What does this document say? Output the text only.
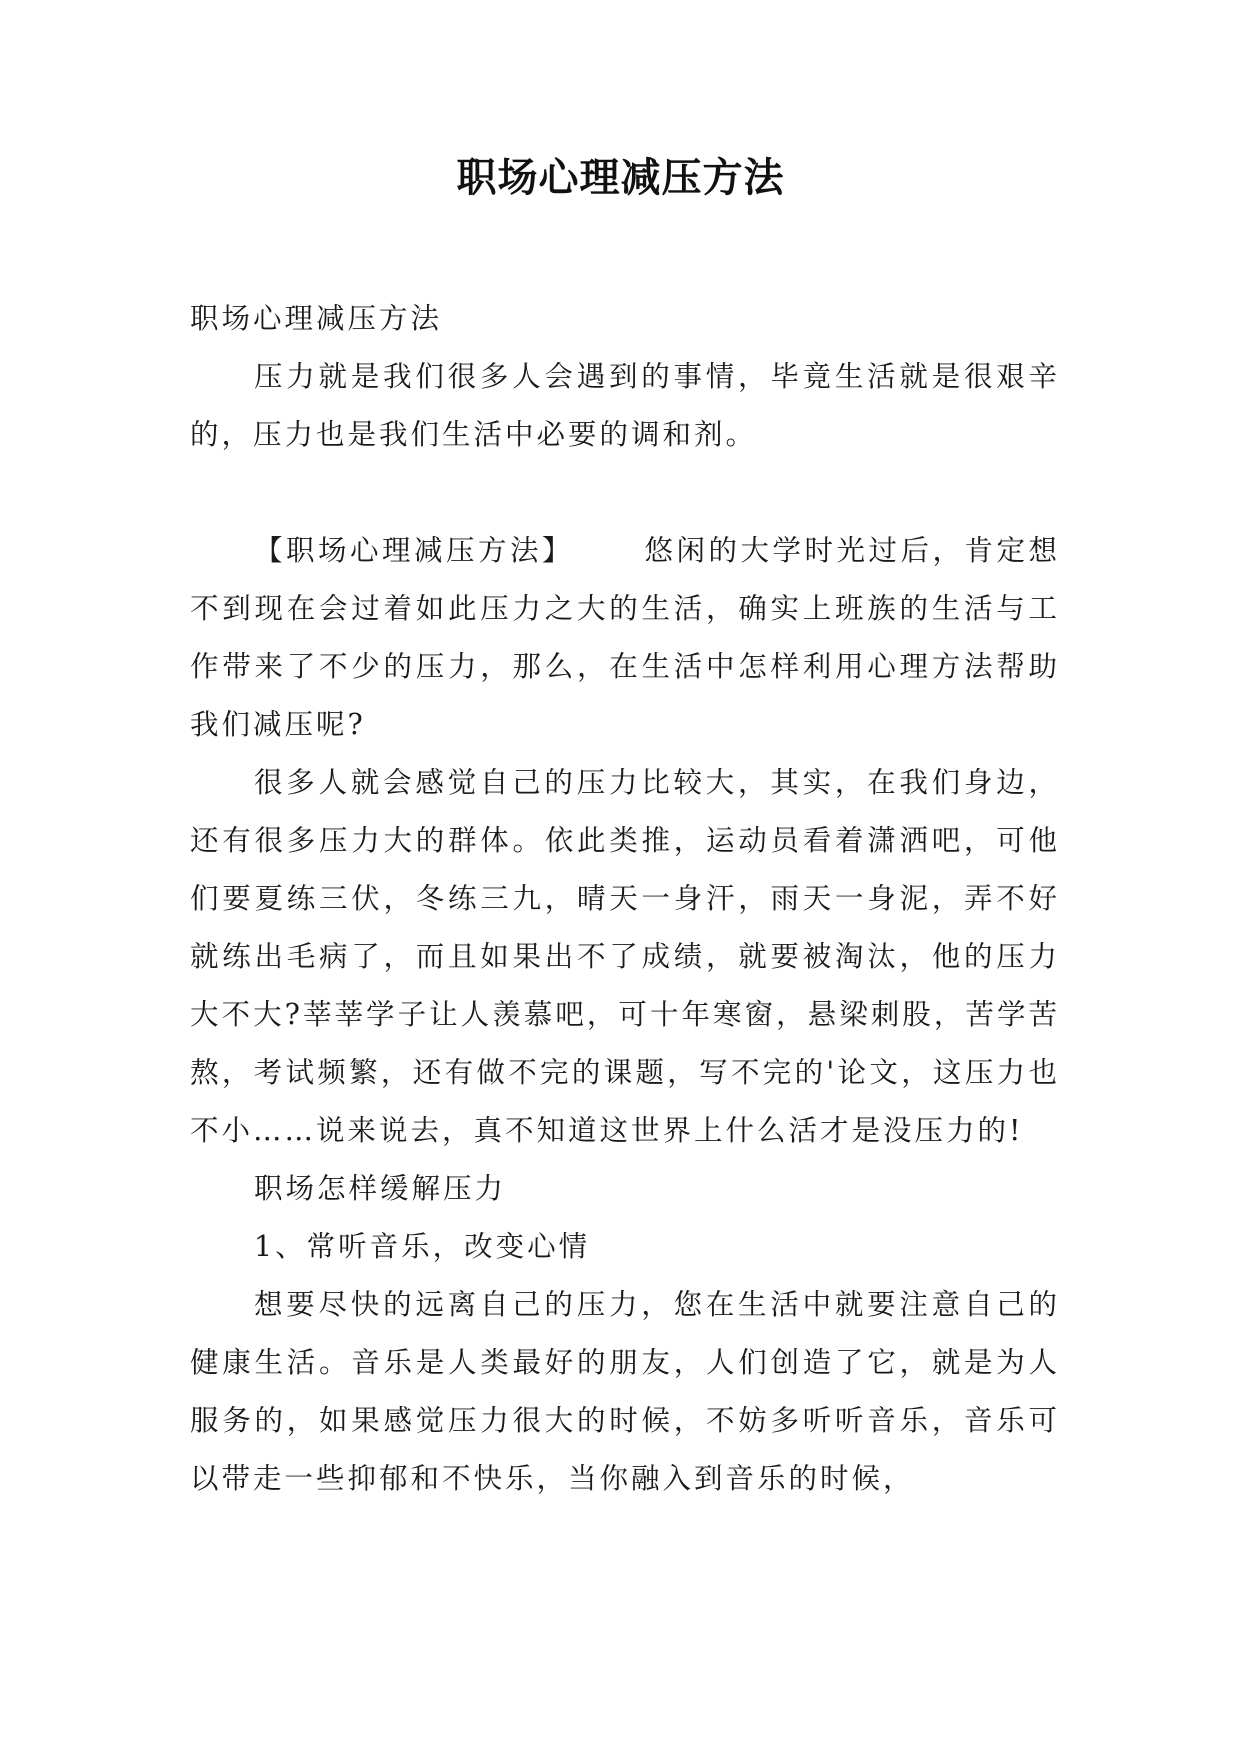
职场心理减压方法

职场心理减压方法

压力就是我们很多人会遇到的事情，毕竟生活就是很艰辛的，压力也是我们生活中必要的调和剂。

【职场心理减压方法】 悠闲的大学时光过后，肯定想不到现在会过着如此压力之大的生活，确实上班族的生活与工作带来了不少的压力，那么，在生活中怎样利用心理方法帮助我们减压呢?

很多人就会感觉自己的压力比较大，其实，在我们身边，还有很多压力大的群体。依此类推，运动员看着潇洒吧，可他们要夏练三伏，冬练三九，晴天一身汗，雨天一身泥，弄不好就练出毛病了，而且如果出不了成绩，就要被淘汰，他的压力大不大?莘莘学子让人羡慕吧，可十年寒窗，悬梁刺股，苦学苦熬，考试频繁，还有做不完的课题，写不完的'论文，这压力也不小……说来说去，真不知道这世界上什么活才是没压力的!

职场怎样缓解压力

1、常听音乐，改变心情

想要尽快的远离自己的压力，您在生活中就要注意自己的健康生活。音乐是人类最好的朋友，人们创造了它，就是为人服务的，如果感觉压力很大的时候，不妨多听听音乐，音乐可以带走一些抑郁和不快乐，当你融入到音乐的时候，
